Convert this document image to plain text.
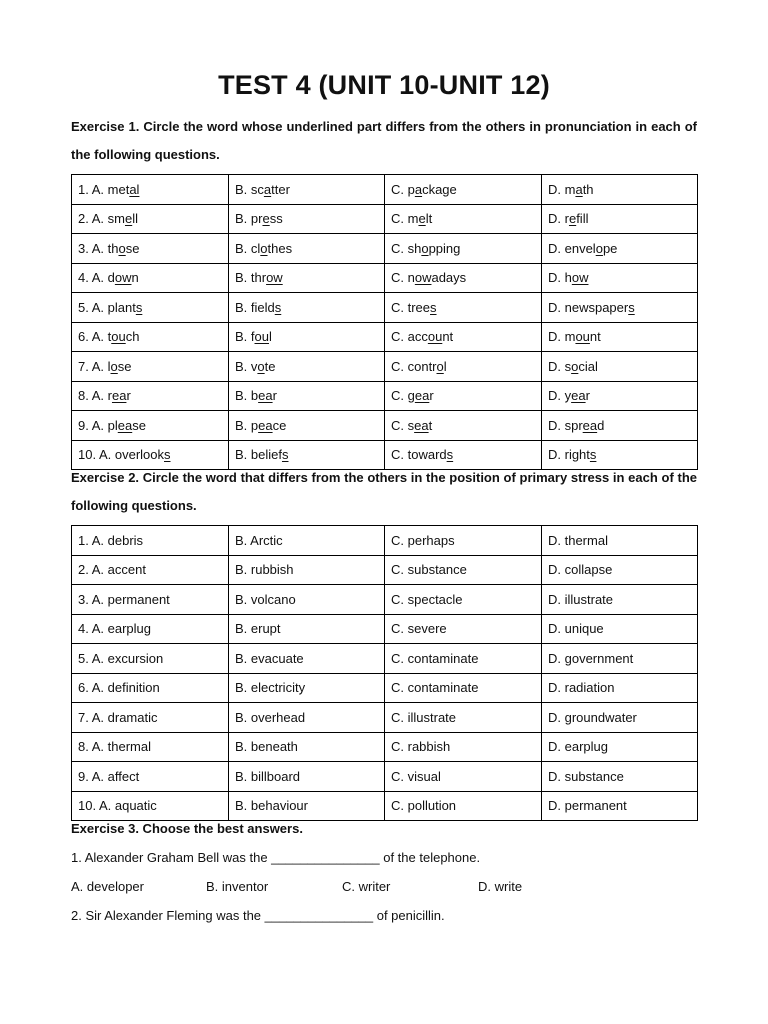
TEST 4 (UNIT 10-UNIT 12)
Exercise 1. Circle the word whose underlined part differs from the others in pronunciation in each of the following questions.
1. A. metal	B. scatter	C. package	D. math
2. A. smell	B. press	C. melt	D. refill
3. A. those	B. clothes	C. shopping	D. envelope
4. A. down	B. throw	C. nowadays	D. how
5. A. plants	B. fields	C. trees	D. newspapers
6. A. touch	B. foul	C. account	D. mount
7. A. lose	B. vote	C. control	D. social
8. A. rear	B. bear	C. gear	D. year
9. A. please	B. peace	C. seat	D. spread
10. A. overlooks	B. beliefs	C. towards	D. rights
Exercise 2. Circle the word that differs from the others in the position of primary stress in each of the following questions.
1. A. debris	B. Arctic	C. perhaps	D. thermal
2. A. accent	B. rubbish	C. substance	D. collapse
3. A. permanent	B. volcano	C. spectacle	D. illustrate
4. A. earplug	B. erupt	C. severe	D. unique
5. A. excursion	B. evacuate	C. contaminate	D. government
6. A. definition	B. electricity	C. contaminate	D. radiation
7. A. dramatic	B. overhead	C. illustrate	D. groundwater
8. A. thermal	B. beneath	C. rabbish	D. earplug
9. A. affect	B. billboard	C. visual	D. substance
10. A. aquatic	B. behaviour	C. pollution	D. permanent
Exercise 3. Choose the best answers.
1. Alexander Graham Bell was the _______________ of the telephone.
A. developer	B. inventor	C. writer	D. write
2. Sir Alexander Fleming was the _______________ of penicillin.
